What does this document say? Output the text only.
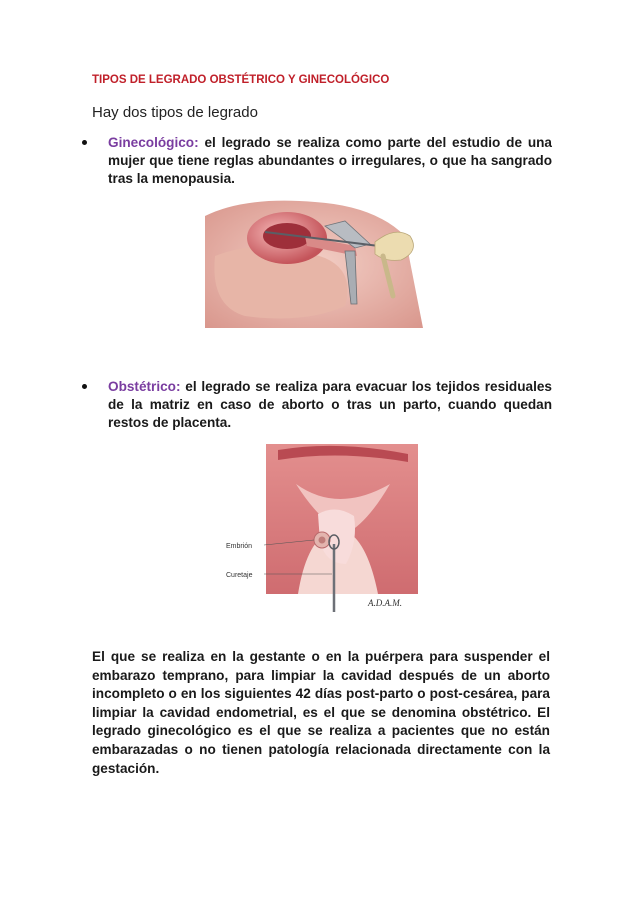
TIPOS DE LEGRADO OBSTÉTRICO Y GINECOLÓGICO
Hay dos tipos de legrado
Ginecológico: el legrado se realiza como parte del estudio de una mujer que tiene reglas abundantes o irregulares, o que ha sangrado tras la menopausia.
Obstétrico: el legrado se realiza para evacuar los tejidos residuales de la matriz en caso de aborto o tras un parto, cuando quedan restos de placenta.
Embrión
Curetaje
A.D.A.M.
El que se realiza en la gestante o en la puérpera para suspender el embarazo temprano, para limpiar la cavidad después de un aborto incompleto o en los siguientes 42 días post-parto o post-cesárea, para limpiar la cavidad endometrial, es el que se denomina obstétrico. El legrado ginecológico es el que se realiza a pacientes que no están embarazadas o no tienen patología relacionada directamente con la gestación.
